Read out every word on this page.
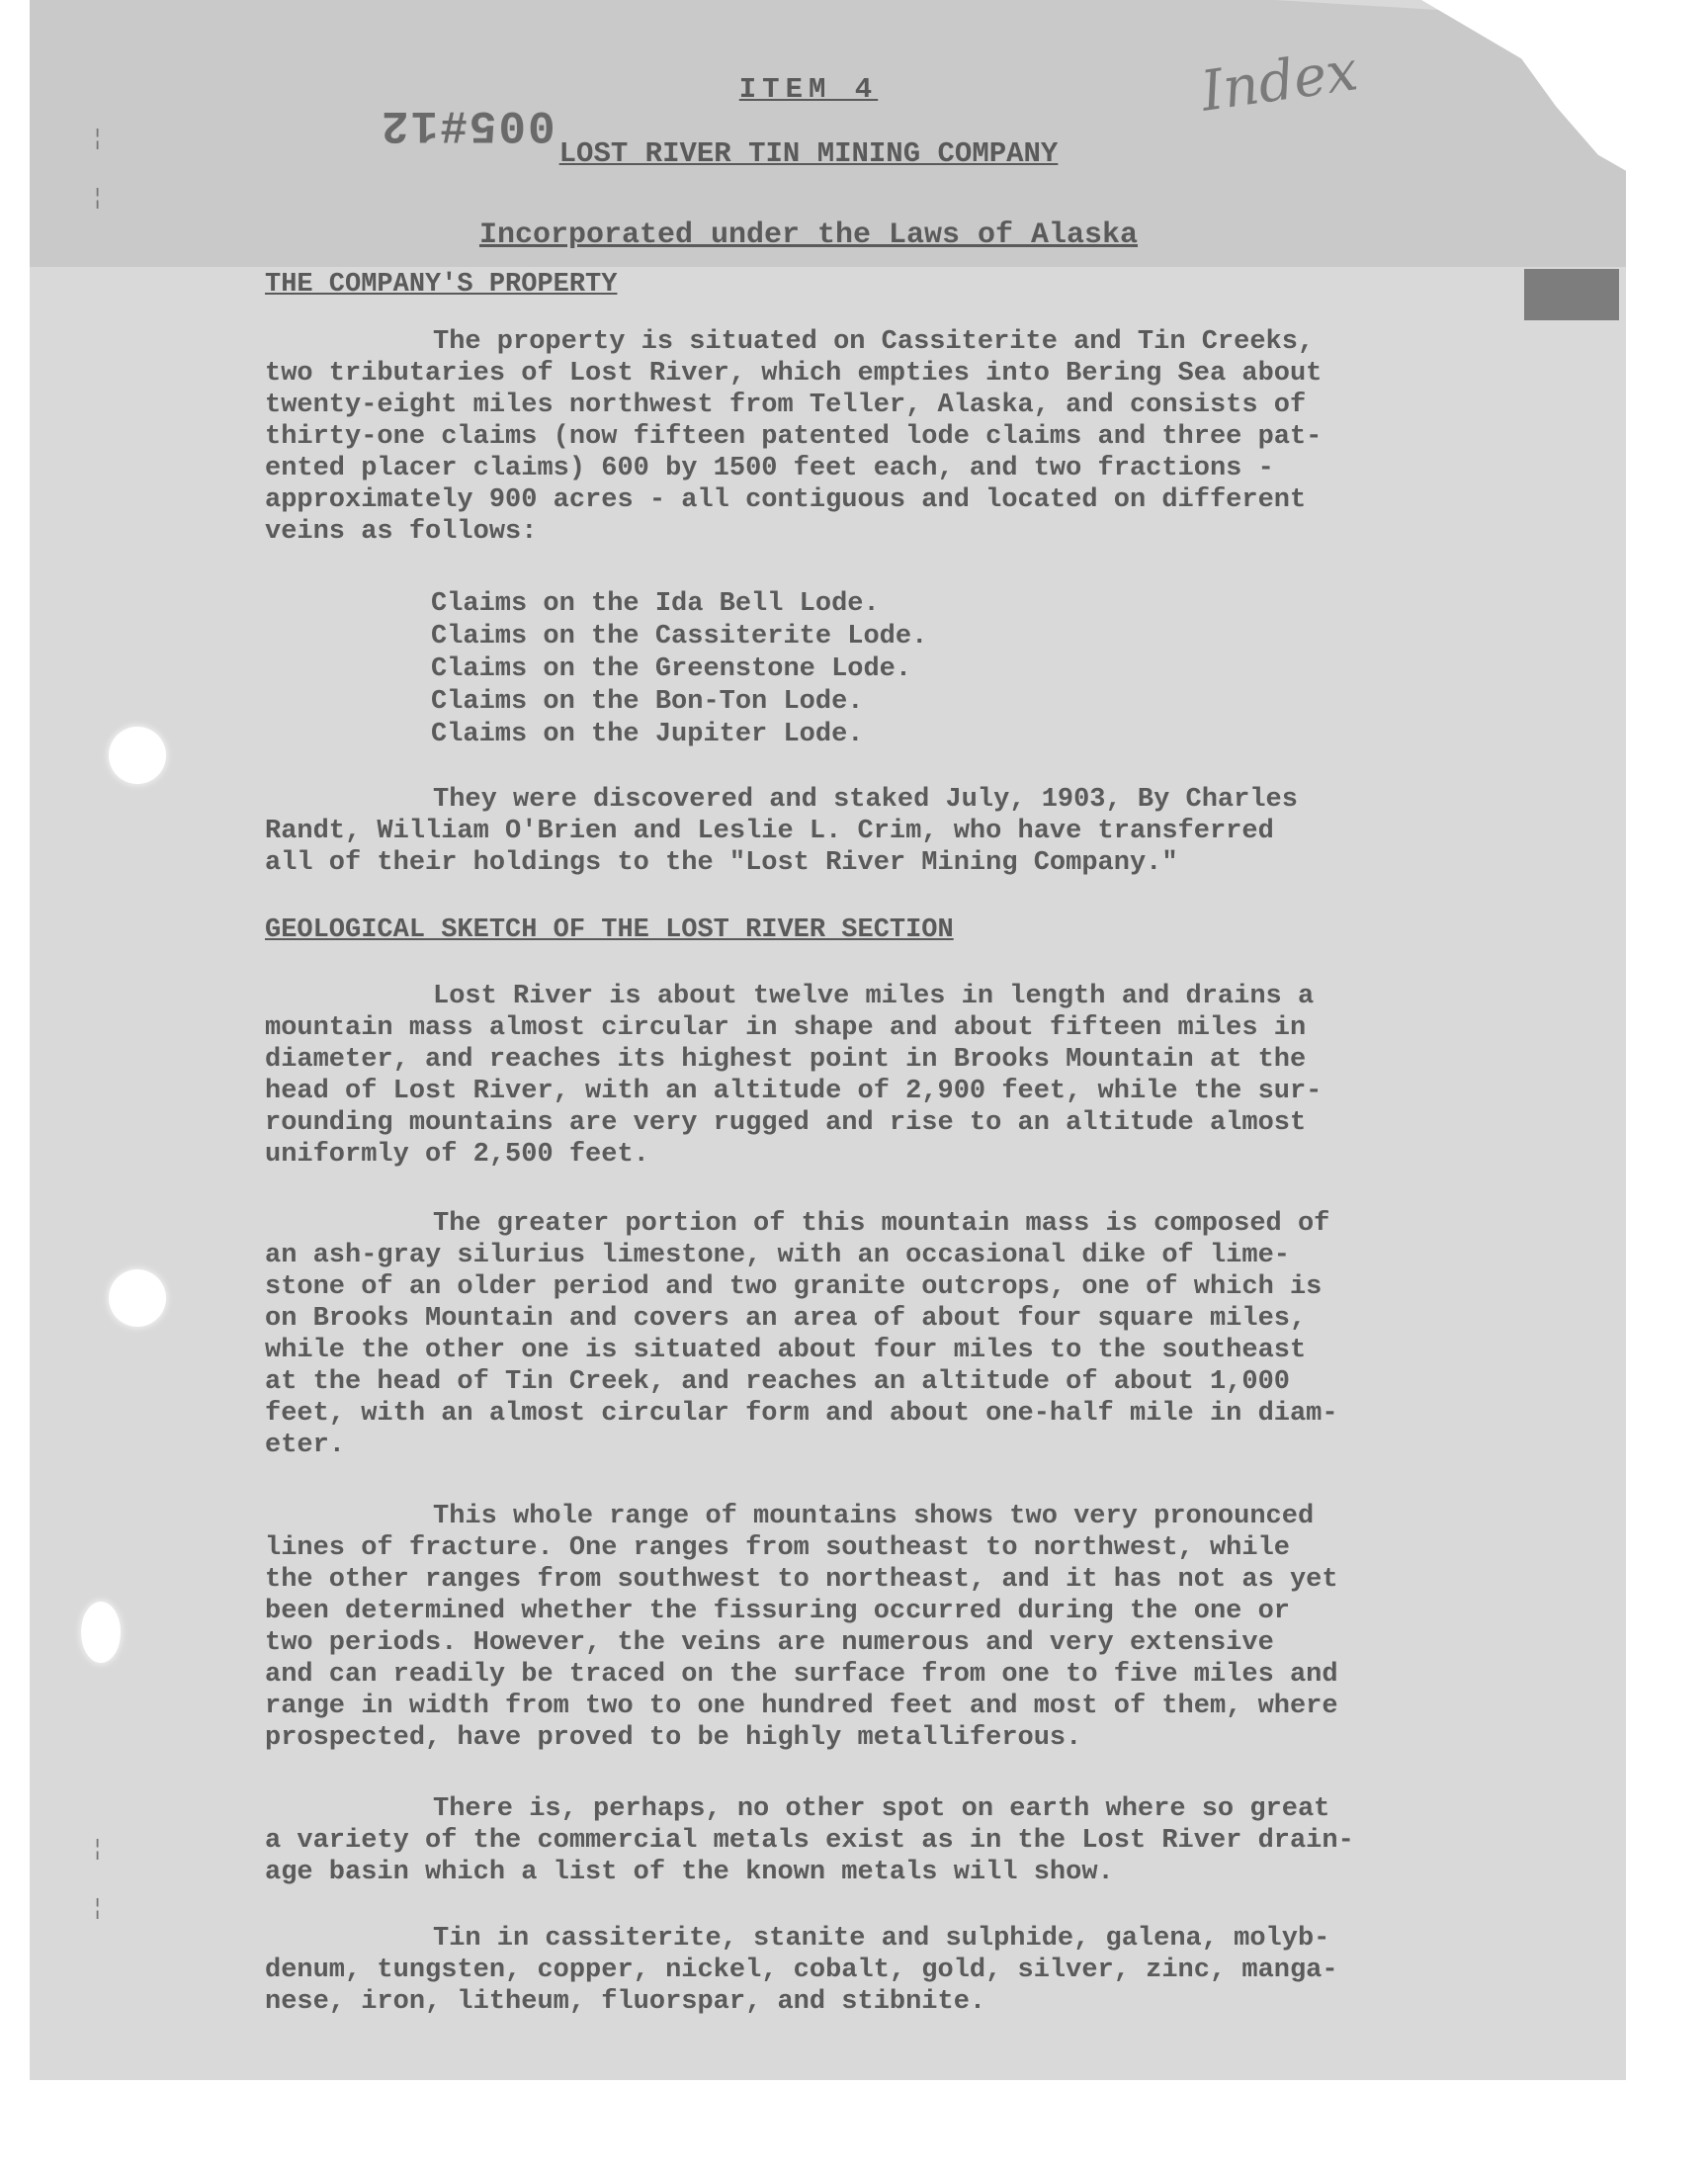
¦
¦
¦
¦
005#12
Index
ITEM 4
LOST RIVER TIN MINING COMPANY
Incorporated under the Laws of Alaska
THE COMPANY'S PROPERTY
The property is situated on Cassiterite and Tin Creeks,
two tributaries of Lost River, which empties into Bering Sea about
twenty-eight miles northwest from Teller, Alaska, and consists of
thirty-one claims (now fifteen patented lode claims and three pat-
ented placer claims) 600 by 1500 feet each, and two fractions -
approximately 900 acres - all contiguous and located on different
veins as follows:
Claims on the Ida Bell Lode.
Claims on the Cassiterite Lode.
Claims on the Greenstone Lode.
Claims on the Bon-Ton Lode.
Claims on the Jupiter Lode.
They were discovered and staked July, 1903, By Charles
Randt, William O'Brien and Leslie L. Crim, who have transferred
all of their holdings to the "Lost River Mining Company."
GEOLOGICAL SKETCH OF THE LOST RIVER SECTION
Lost River is about twelve miles in length and drains a
mountain mass almost circular in shape and about fifteen miles in
diameter, and reaches its highest point in Brooks Mountain at the
head of Lost River, with an altitude of 2,900 feet, while the sur-
rounding mountains are very rugged and rise to an altitude almost
uniformly of 2,500 feet.
The greater portion of this mountain mass is composed of
an ash-gray silurius limestone, with an occasional dike of lime-
stone of an older period and two granite outcrops, one of which is
on Brooks Mountain and covers an area of about four square miles,
while the other one is situated about four miles to the southeast
at the head of Tin Creek, and reaches an altitude of about 1,000
feet, with an almost circular form and about one-half mile in diam-
eter.
This whole range of mountains shows two very pronounced
lines of fracture. One ranges from southeast to northwest, while
the other ranges from southwest to northeast, and it has not as yet
been determined whether the fissuring occurred during the one or
two periods. However, the veins are numerous and very extensive
and can readily be traced on the surface from one to five miles and
range in width from two to one hundred feet and most of them, where
prospected, have proved to be highly metalliferous.
There is, perhaps, no other spot on earth where so great
a variety of the commercial metals exist as in the Lost River drain-
age basin which a list of the known metals will show.
Tin in cassiterite, stanite and sulphide, galena, molyb-
denum, tungsten, copper, nickel, cobalt, gold, silver, zinc, manga-
nese, iron, litheum, fluorspar, and stibnite.
